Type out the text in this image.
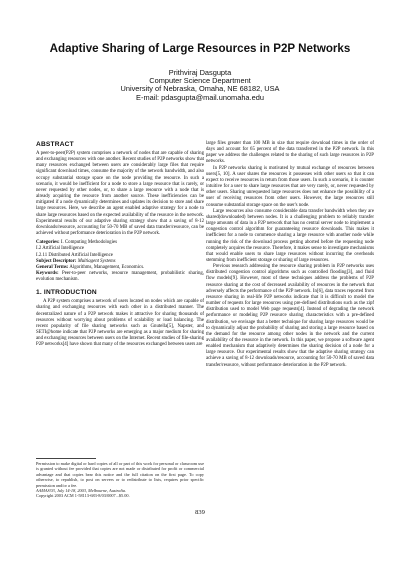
Adaptive Sharing of Large Resources in P2P Networks
Prithviraj Dasgupta
Computer Science Department
University of Nebraska, Omaha, NE 68182, USA
E-mail: pdasgupta@mail.unomaha.edu
ABSTRACT

A peer-to-peer(P2P) system comprises a network of nodes that are capable of sharing and exchanging resources with one another. Recent studies of P2P networks show that many resources exchanged between users are considerably large files that require significant download times, consume the majority of the network bandwidth, and also occupy substantial storage space on the node providing the resource. In such a scenario, it would be inefficient for a node to store a large resource that is rarely, or never requested by other nodes, or, to share a large resource with a node that is already acquiring the resource from another source. These inefficiencies can be mitigated if a node dynamically determines and updates its decision to store and share large resources. Here, we describe an agent enabled adaptive strategy for a node to share large resources based on the expected availability of the resource in the network. Experimental results of our adaptive sharing strategy show that a saving of 8-12 downloads/resource, accounting for 50-70 MB of saved data transfer/resource, can be achieved without performance deterioration in the P2P network.

Categories: I. Computing Methodologies

I.2 Artificial Intelligence

I.2.11 Distributed Artificial Intelligence

Subject Descriptor: Multiagent Systems

General Terms: Algorithms, Management, Economics.

Keywords: Peer-to-peer networks, resource management, probabilistic sharing, evolution mechanism.

1. INTRODUCTION

A P2P system comprises a network of users located on nodes which are capable of sharing and exchanging resources with each other in a distributed manner. The decentralized nature of a P2P network makes it attractive for sharing thousands of resources without worrying about problems of scalability or load balancing. The recent popularity of file sharing networks such as Gnutella[5], Napster, and SETI@home indicate that P2P networks are emerging as a major medium for sharing and exchanging resources between users on the Internet. Recent studies of file-sharing P2P networks[4] have shown that many of the resources exchanged between users are

Permission to make digital or hard copies of all or part of this work for personal or classroom use is granted without fee provided that copies are not made or distributed for profit or commercial advantage and that copies bear this notice and the full citation on the first page. To copy otherwise, to republish, to post on servers or to redistribute to lists, requires prior specific permission and/or a fee.
AAMAS'03, July 14-18, 2003, Melbourne, Australia.
Copyright 2003 ACM 1-58113-683-8/03/0007...$5.00.

large files greater than 100 MB in size that require download times in the order of days and account for 65 percent of the data transferred in the P2P network. In this paper we address the challenges related to the sharing of such large resources in P2P networks.

In P2P networks sharing is motivated by mutual exchange of resources between users[5, 10]. A user shares the resources it possesses with other users so that it can expect to receive resources in return from those users. In such a scenario, it is counter intuitive for a user to share large resources that are very rarely, or, never requested by other users. Sharing unrequested large resources does not enhance the possibility of a user of receiving resources from other users. However, the large resources still consume substantial storage space on the user's node.

Large resources also consume considerable data transfer bandwidth when they are shared(downloaded) between nodes. It is a challenging problem to reliably transfer large amounts of data in a P2P network that has no central server node to implement a congestion control algorithm for guaranteeing resource downloads. This makes it inefficient for a node to commence sharing a large resource with another node while running the risk of the download process getting aborted before the requesting node completely acquires the resource. Therefore, it makes sense to investigate mechanisms that would enable users to share large resources without incurring the overheads stemming from inefficient storage or sharing of large resources.

Previous research addressing the resource sharing problem in P2P networks uses distributed congestion control algorithms such as controlled flooding[3], and fluid flow models[9]. However, most of these techniques address the problems of P2P resource sharing at the cost of decreased availability of resources in the network that adversely affects the performance of the P2P network. In[6], data traces reported from resource sharing in real-life P2P networks indicate that it is difficult to model the number of requests for large resources using pre-defined distributions such as the zipf distribution used to model Web page requests[4]. Instead of degrading the network performance or modeling P2P resource sharing characteristics with a pre-defined distribution, we envisage that a better technique for sharing large resources would be to dynamically adjust the probability of sharing and storing a large resource based on the demand for the resource among other nodes in the network and the current availability of the resource in the network. In this paper, we propose a software agent enabled mechanism that adaptively determines the sharing decision of a node for a large resource. Our experimental results show that the adaptive sharing strategy can achieve a saving of 8-12 downloads/resource, accounting for 50-70 MB of saved data transfer/resource, without performance deterioration in the P2P network.

839
